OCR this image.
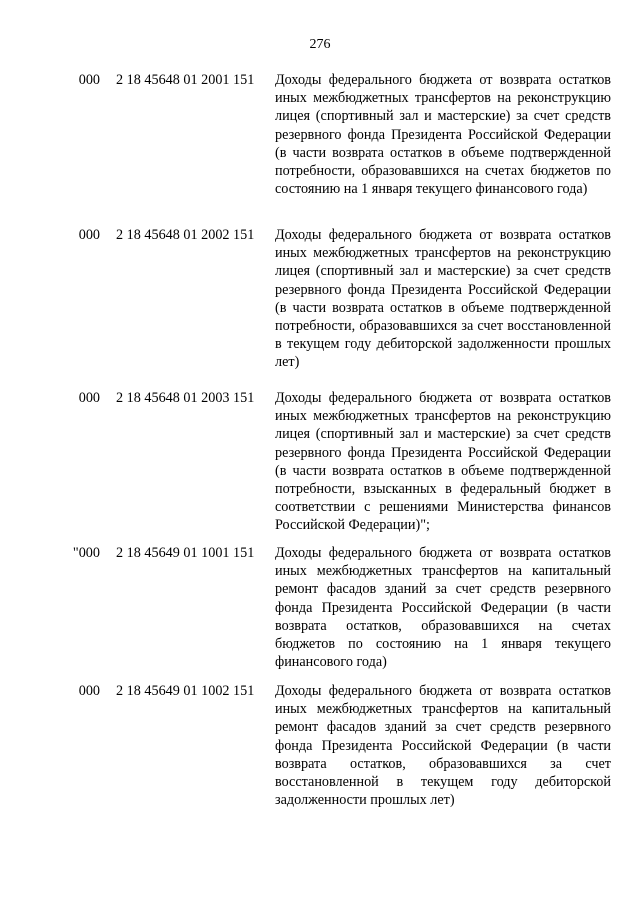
276
000 2 18 45648 01 2001 151 Доходы федерального бюджета от возврата остатков иных межбюджетных трансфертов на реконструкцию лицея (спортивный зал и мастерские) за счет средств резервного фонда Президента Российской Федерации (в части возврата остатков в объеме подтвержденной потребности, образовавшихся на счетах бюджетов по состоянию на 1 января текущего финансового года)
000 2 18 45648 01 2002 151 Доходы федерального бюджета от возврата остатков иных межбюджетных трансфертов на реконструкцию лицея (спортивный зал и мастерские) за счет средств резервного фонда Президента Российской Федерации (в части возврата остатков в объеме подтвержденной потребности, образовавшихся за счет восстановленной в текущем году дебиторской задолженности прошлых лет)
000 2 18 45648 01 2003 151 Доходы федерального бюджета от возврата остатков иных межбюджетных трансфертов на реконструкцию лицея (спортивный зал и мастерские) за счет средств резервного фонда Президента Российской Федерации (в части возврата остатков в объеме подтвержденной потребности, взысканных в федеральный бюджет в соответствии с решениями Министерства финансов Российской Федерации)";
"000 2 18 45649 01 1001 151 Доходы федерального бюджета от возврата остатков иных межбюджетных трансфертов на капитальный ремонт фасадов зданий за счет средств резервного фонда Президента Российской Федерации (в части возврата остатков, образовавшихся на счетах бюджетов по состоянию на 1 января текущего финансового года)
000 2 18 45649 01 1002 151 Доходы федерального бюджета от возврата остатков иных межбюджетных трансфертов на капитальный ремонт фасадов зданий за счет средств резервного фонда Президента Российской Федерации (в части возврата остатков, образовавшихся за счет восстановленной в текущем году дебиторской задолженности прошлых лет)
